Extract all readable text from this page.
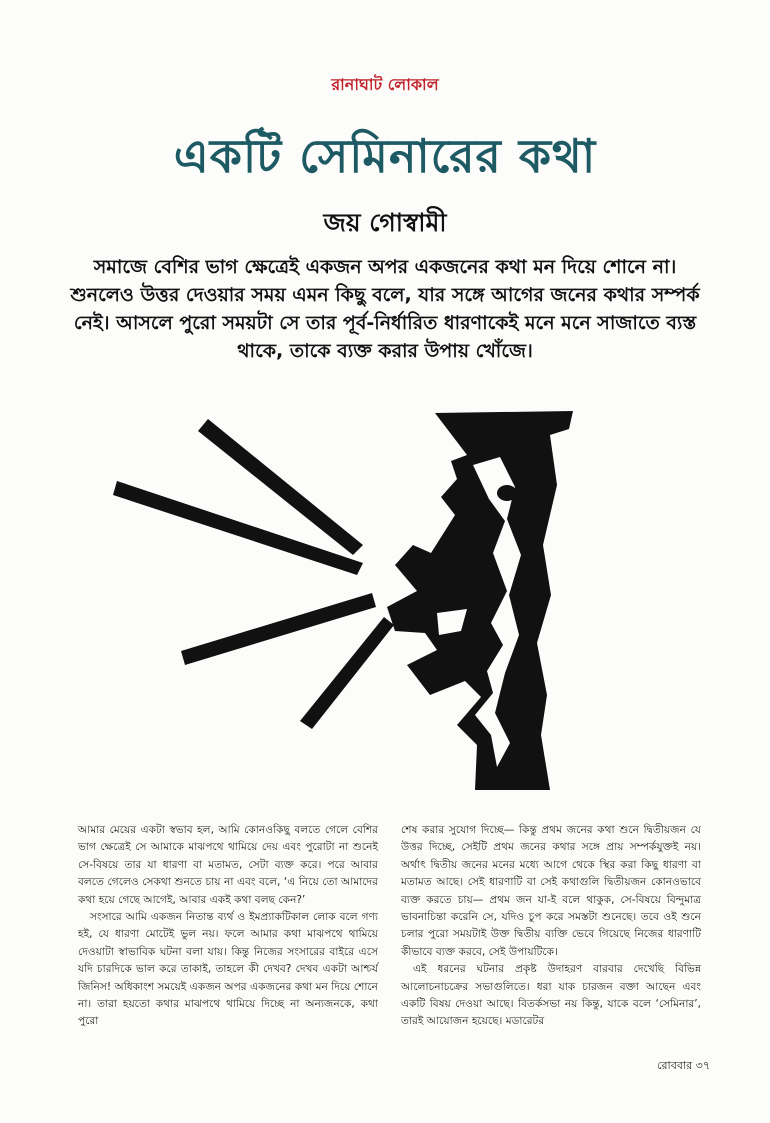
রানাঘাট লোকাল
একটি সেমিনারের কথা
জয় গোস্বামী
সমাজে বেশির ভাগ ক্ষেত্রেই একজন অপর একজনের কথা মন দিয়ে শোনে না। শুনলেও উত্তর দেওয়ার সময় এমন কিছু বলে, যার সঙ্গে আগের জনের কথার সম্পর্ক নেই। আসলে পুরো সময়টা সে তার পূর্ব-নির্ধারিত ধারণাকেই মনে মনে সাজাতে ব্যস্ত থাকে, তাকে ব্যক্ত করার উপায় খোঁজে।

আমার মেয়ের একটা স্বভাব হল, আমি কোনওকিছু বলতে গেলে বেশির ভাগ ক্ষেত্রেই সে আমাকে মাঝপথে থামিয়ে দেয় এবং পুরোটা না শুনেই সে-বিষয়ে তার যা ধারণা বা মতামত, সেটা ব্যক্ত করে। পরে আবার বলতে গেলেও সেকথা শুনতে চায় না এবং বলে, ‘এ নিয়ে তো আমাদের কথা হয়ে গেছে আগেই, আবার একই কথা বলছ কেন?’

সংসারে আমি একজন নিতান্ত ব্যর্থ ও ইমপ্র্যাকটিকাল লোক বলে গণ্য হই, যে ধারণা মোটেই ভুল নয়। ফলে আমার কথা মাঝপথে থামিয়ে দেওয়াটা স্বাভাবিক ঘটনা বলা যায়। কিন্তু নিজের সংসারের বাইরে এসে যদি চারদিকে ভাল করে তাকাই, তাহলে কী দেখব? দেখব একটা আশ্চর্য জিনিস! অধিকাংশ সময়েই একজন অপর একজনের কথা মন দিয়ে শোনে না। তারা হয়তো কথার মাঝপথে থামিয়ে দিচ্ছে না অন্যজনকে, কথা পুরো

শেষ করার সুযোগ দিচ্ছে— কিন্তু প্রথম জনের কথা শুনে দ্বিতীয়জন যে উত্তর দিচ্ছে, সেইটি প্রথম জনের কথার সঙ্গে প্রায় সম্পর্কযুক্তই নয়। অর্থাৎ দ্বিতীয় জনের মনের মধ্যে আগে থেকে স্থির করা কিছু ধারণা বা মতামত আছে। সেই ধারণাটি বা সেই কথাগুলি দ্বিতীয়জন কোনওভাবে ব্যক্ত করতে চায়— প্রথম জন যা-ই বলে থাকুক, সে-বিষয়ে বিন্দুমাত্র ভাবনাচিন্তা করেনি সে, যদিও চুপ করে সমস্তটা শুনেছে। তবে ওই শুনে চলার পুরো সময়টাই উক্ত দ্বিতীয় ব্যক্তি ভেবে গিয়েছে নিজের ধারণাটি কীভাবে ব্যক্ত করবে, সেই উপায়টিকে।

এই ধরনের ঘটনার প্রকৃষ্ট উদাহরণ বারবার দেখেছি বিভিন্ন আলোচনাচক্রের সভাগুলিতে। ধরা যাক চারজন বক্তা আছেন এবং একটি বিষয় দেওয়া আছে। বিতর্কসভা নয় কিন্তু, যাকে বলে ‘সেমিনার’, তারই আয়োজন হয়েছে। মডারেটর

রোববার ৩৭
